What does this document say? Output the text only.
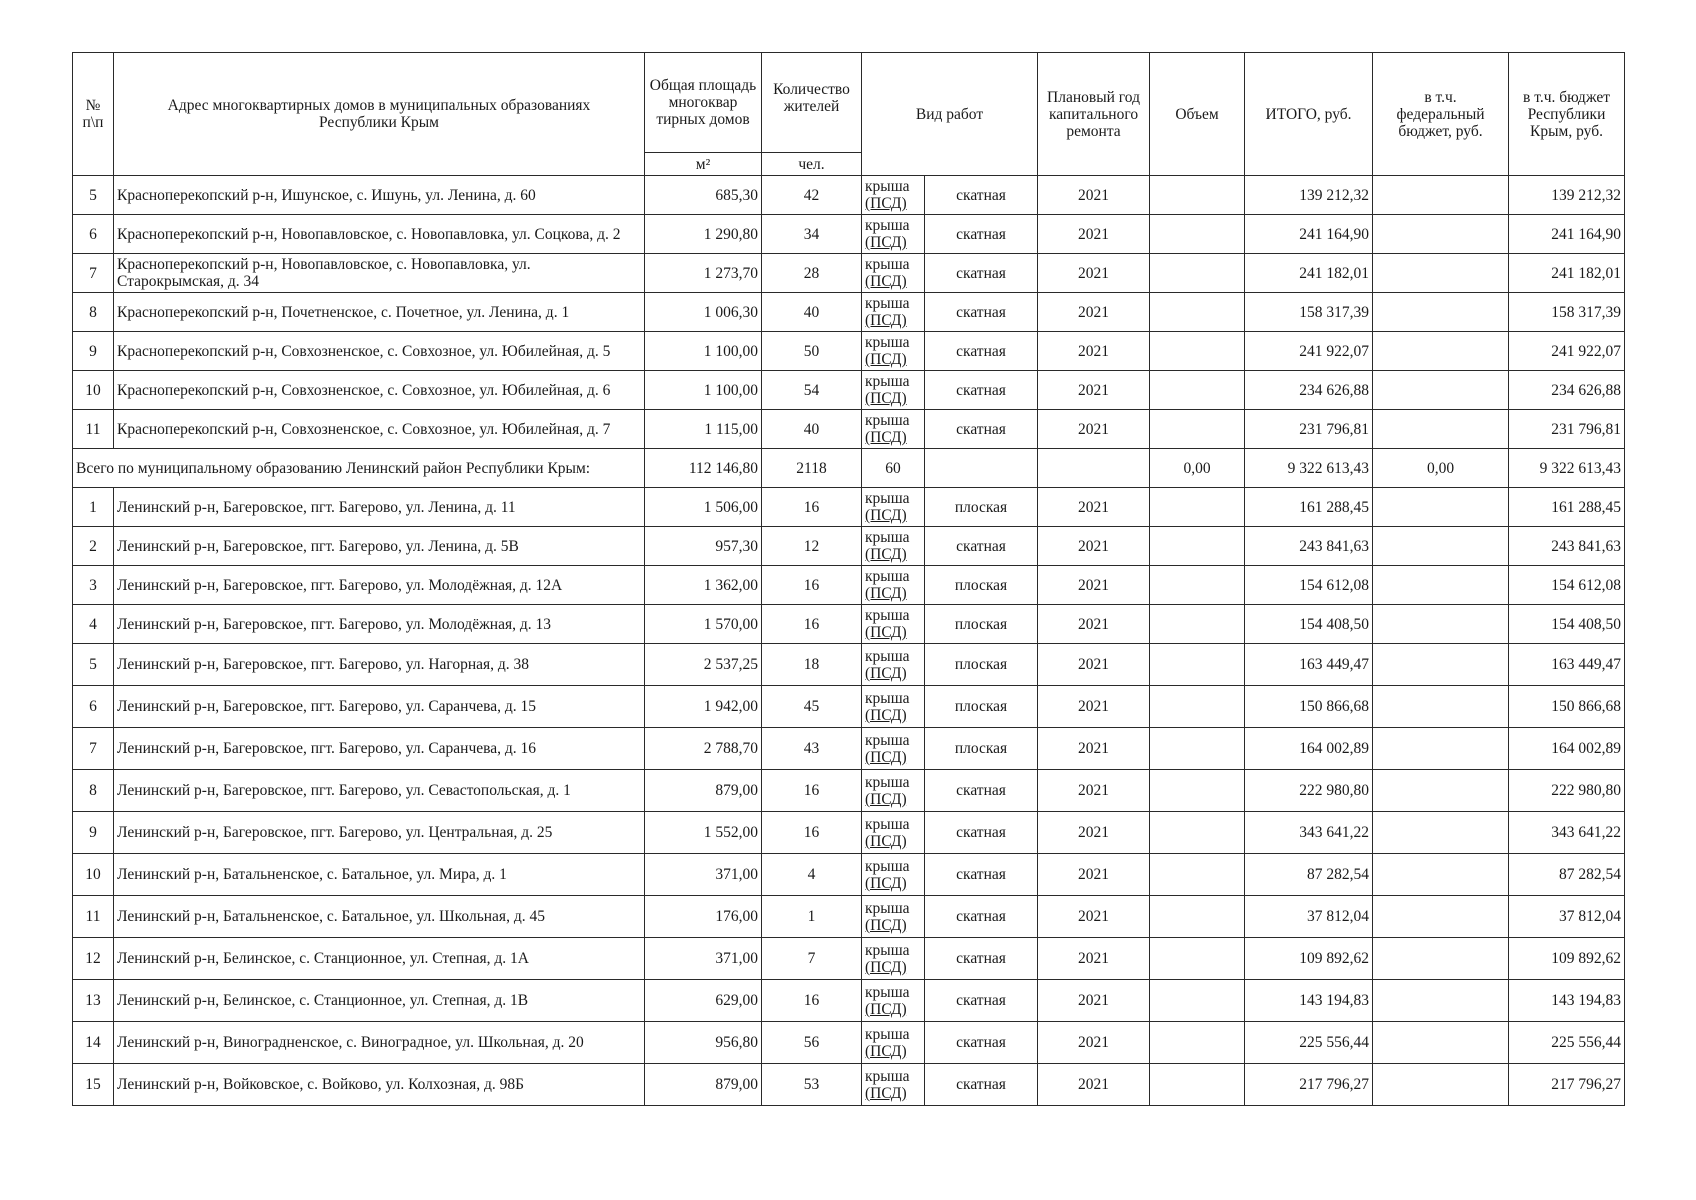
№
п\п	Адрес многоквартирных домов в муниципальных образованиях Республики Крым	Общая площадь многоквар тирных домов	Количество жителей	Вид работ		Плановый год капитального ремонта	Объем	ИТОГО, руб.	в т.ч. федеральный бюджет, руб.	в т.ч. бюджет Республики Крым, руб.
		м²	чел.							
5	Красноперекопский р-н, Ишунское, с. Ишунь, ул. Ленина, д. 60	685,30	42	крыша
(ПСД)	скатная	2021		139 212,32		139 212,32
6	Красноперекопский р-н, Новопавловское, с. Новопавловка, ул. Соцкова, д. 2	1 290,80	34	крыша
(ПСД)	скатная	2021		241 164,90		241 164,90
7	Красноперекопский р-н, Новопавловское, с. Новопавловка, ул. Старокрымская, д. 34	1 273,70	28	крыша
(ПСД)	скатная	2021		241 182,01		241 182,01
8	Красноперекопский р-н, Почетненское, с. Почетное, ул. Ленина, д. 1	1 006,30	40	крыша
(ПСД)	скатная	2021		158 317,39		158 317,39
9	Красноперекопский р-н, Совхозненское, с. Совхозное, ул. Юбилейная, д. 5	1 100,00	50	крыша
(ПСД)	скатная	2021		241 922,07		241 922,07
10	Красноперекопский р-н, Совхозненское, с. Совхозное, ул. Юбилейная, д. 6	1 100,00	54	крыша
(ПСД)	скатная	2021		234 626,88		234 626,88
11	Красноперекопский р-н, Совхозненское, с. Совхозное, ул. Юбилейная, д. 7	1 115,00	40	крыша
(ПСД)	скатная	2021		231 796,81		231 796,81
Всего по муниципальному образованию Ленинский район Республики Крым:		112 146,80	2118	60			0,00	9 322 613,43	0,00	9 322 613,43
1	Ленинский р-н, Багеровское, пгт. Багерово, ул. Ленина, д. 11	1 506,00	16	крыша
(ПСД)	плоская	2021		161 288,45		161 288,45
2	Ленинский р-н, Багеровское, пгт. Багерово, ул. Ленина, д. 5В	957,30	12	крыша
(ПСД)	скатная	2021		243 841,63		243 841,63
3	Ленинский р-н, Багеровское, пгт. Багерово, ул. Молодёжная, д. 12А	1 362,00	16	крыша
(ПСД)	плоская	2021		154 612,08		154 612,08
4	Ленинский р-н, Багеровское, пгт. Багерово, ул. Молодёжная, д. 13	1 570,00	16	крыша
(ПСД)	плоская	2021		154 408,50		154 408,50
5	Ленинский р-н, Багеровское, пгт. Багерово, ул. Нагорная, д. 38	2 537,25	18	крыша
(ПСД)	плоская	2021		163 449,47		163 449,47
6	Ленинский р-н, Багеровское, пгт. Багерово, ул. Саранчева, д. 15	1 942,00	45	крыша
(ПСД)	плоская	2021		150 866,68		150 866,68
7	Ленинский р-н, Багеровское, пгт. Багерово, ул. Саранчева, д. 16	2 788,70	43	крыша
(ПСД)	плоская	2021		164 002,89		164 002,89
8	Ленинский р-н, Багеровское, пгт. Багерово, ул. Севастопольская, д. 1	879,00	16	крыша
(ПСД)	скатная	2021		222 980,80		222 980,80
9	Ленинский р-н, Багеровское, пгт. Багерово, ул. Центральная, д. 25	1 552,00	16	крыша
(ПСД)	скатная	2021		343 641,22		343 641,22
10	Ленинский р-н, Батальненское, с. Батальное, ул. Мира, д. 1	371,00	4	крыша
(ПСД)	скатная	2021		87 282,54		87 282,54
11	Ленинский р-н, Батальненское, с. Батальное, ул. Школьная, д. 45	176,00	1	крыша
(ПСД)	скатная	2021		37 812,04		37 812,04
12	Ленинский р-н, Белинское, с. Станционное, ул. Степная, д. 1А	371,00	7	крыша
(ПСД)	скатная	2021		109 892,62		109 892,62
13	Ленинский р-н, Белинское, с. Станционное, ул. Степная, д. 1В	629,00	16	крыша
(ПСД)	скатная	2021		143 194,83		143 194,83
14	Ленинский р-н, Виноградненское, с. Виноградное, ул. Школьная, д. 20	956,80	56	крыша
(ПСД)	скатная	2021		225 556,44		225 556,44
15	Ленинский р-н, Войковское, с. Войково, ул. Колхозная, д. 98Б	879,00	53	крыша
(ПСД)	скатная	2021		217 796,27		217 796,27
